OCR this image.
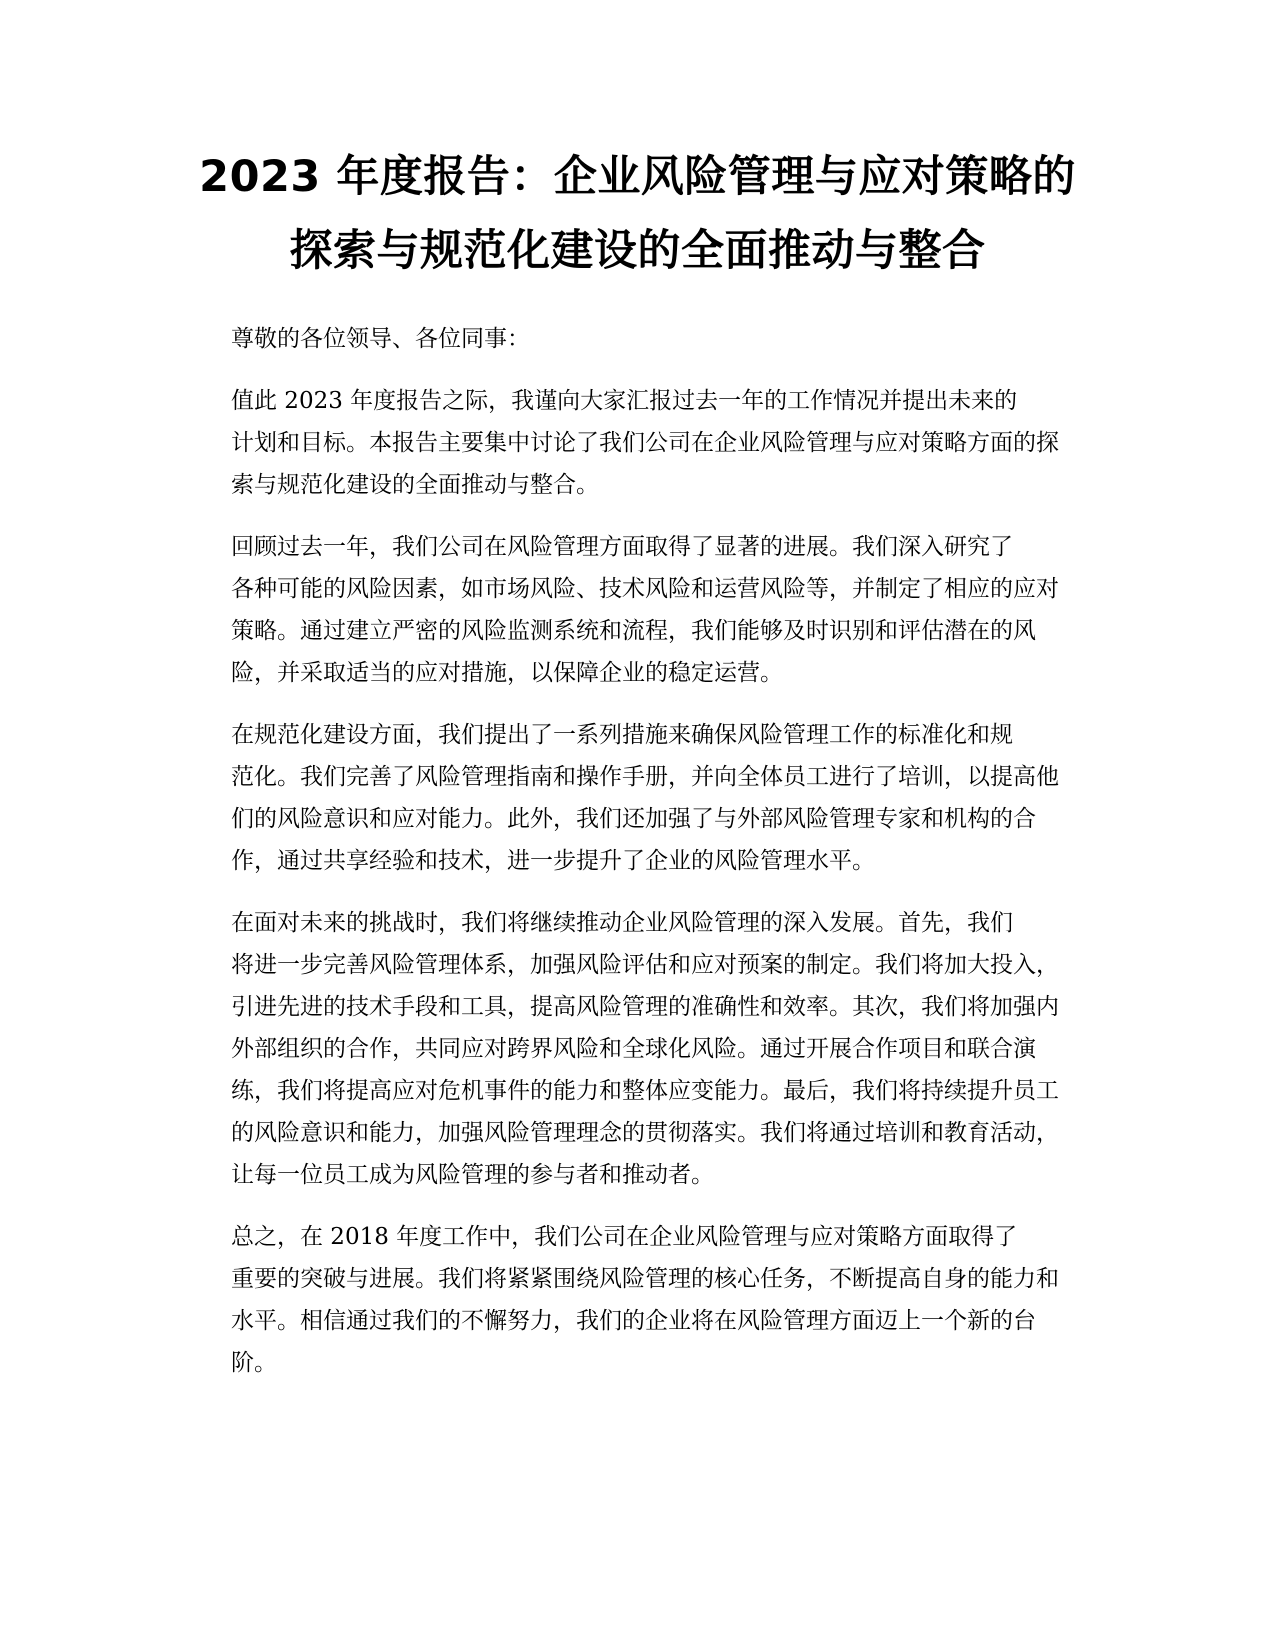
2023 年度报告：企业风险管理与应对策略的
探索与规范化建设的全面推动与整合

尊敬的各位领导、各位同事：

值此 2023 年度报告之际，我谨向大家汇报过去一年的工作情况并提出未来的
计划和目标。本报告主要集中讨论了我们公司在企业风险管理与应对策略方面的探
索与规范化建设的全面推动与整合。

回顾过去一年，我们公司在风险管理方面取得了显著的进展。我们深入研究了
各种可能的风险因素，如市场风险、技术风险和运营风险等，并制定了相应的应对
策略。通过建立严密的风险监测系统和流程，我们能够及时识别和评估潜在的风
险，并采取适当的应对措施，以保障企业的稳定运营。

在规范化建设方面，我们提出了一系列措施来确保风险管理工作的标准化和规
范化。我们完善了风险管理指南和操作手册，并向全体员工进行了培训，以提高他
们的风险意识和应对能力。此外，我们还加强了与外部风险管理专家和机构的合
作，通过共享经验和技术，进一步提升了企业的风险管理水平。

在面对未来的挑战时，我们将继续推动企业风险管理的深入发展。首先，我们
将进一步完善风险管理体系，加强风险评估和应对预案的制定。我们将加大投入，
引进先进的技术手段和工具，提高风险管理的准确性和效率。其次，我们将加强内
外部组织的合作，共同应对跨界风险和全球化风险。通过开展合作项目和联合演
练，我们将提高应对危机事件的能力和整体应变能力。最后，我们将持续提升员工
的风险意识和能力，加强风险管理理念的贯彻落实。我们将通过培训和教育活动，
让每一位员工成为风险管理的参与者和推动者。

总之，在 2018 年度工作中，我们公司在企业风险管理与应对策略方面取得了
重要的突破与进展。我们将紧紧围绕风险管理的核心任务，不断提高自身的能力和
水平。相信通过我们的不懈努力，我们的企业将在风险管理方面迈上一个新的台
阶。
